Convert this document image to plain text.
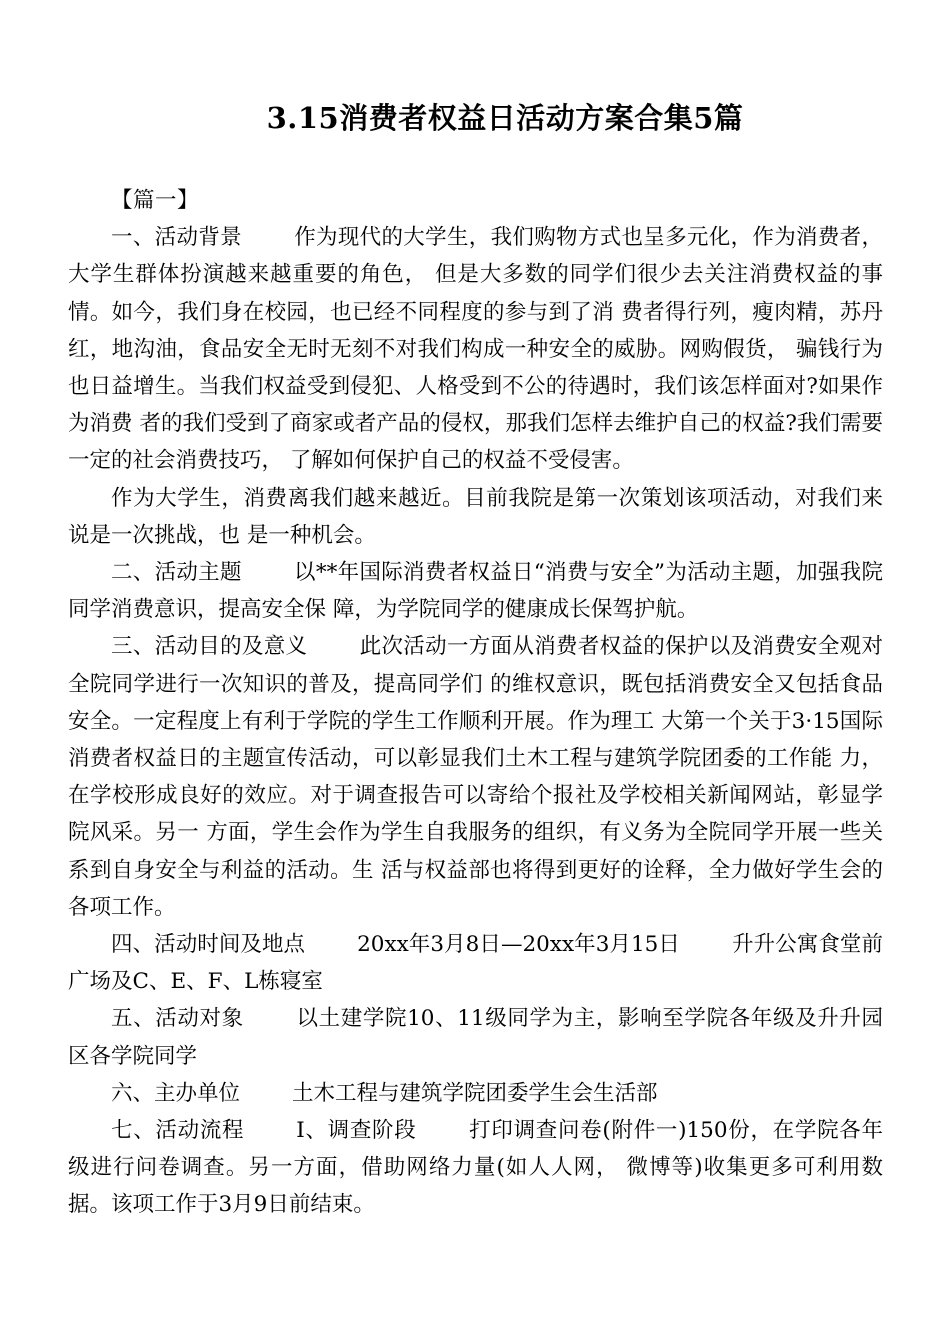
3.15消费者权益日活动方案合集5篇

【篇一】

一、活动背景 作为现代的大学生，我们购物方式也呈多元化，作为消费者，大学生群体扮演越来越重要的角色， 但是大多数的同学们很少去关注消费权益的事情。如今，我们身在校园，也已经不同程度的参与到了消 费者得行列，瘦肉精，苏丹红，地沟油，食品安全无时无刻不对我们构成一种安全的威胁。网购假货， 骗钱行为也日益增生。当我们权益受到侵犯、人格受到不公的待遇时，我们该怎样面对?如果作为消费 者的我们受到了商家或者产品的侵权，那我们怎样去维护自己的权益?我们需要一定的社会消费技巧， 了解如何保护自己的权益不受侵害。

作为大学生，消费离我们越来越近。目前我院是第一次策划该项活动，对我们来说是一次挑战，也 是一种机会。

二、活动主题 以**年国际消费者权益日“消费与安全”为活动主题，加强我院同学消费意识，提高安全保 障，为学院同学的健康成长保驾护航。

三、活动目的及意义 此次活动一方面从消费者权益的保护以及消费安全观对全院同学进行一次知识的普及，提高同学们 的维权意识，既包括消费安全又包括食品安全。一定程度上有利于学院的学生工作顺利开展。作为理工 大第一个关于3·15国际消费者权益日的主题宣传活动，可以彰显我们土木工程与建筑学院团委的工作能 力，在学校形成良好的效应。对于调查报告可以寄给个报社及学校相关新闻网站，彰显学院风采。另一 方面，学生会作为学生自我服务的组织，有义务为全院同学开展一些关系到自身安全与利益的活动。生 活与权益部也将得到更好的诠释，全力做好学生会的各项工作。

四、活动时间及地点 20xx年3月8日—20xx年3月15日 升升公寓食堂前广场及C、E、F、L栋寝室

五、活动对象 以土建学院10、11级同学为主，影响至学院各年级及升升园区各学院同学

六、主办单位 土木工程与建筑学院团委学生会生活部

七、活动流程 I、调查阶段 打印调查问卷(附件一)150份，在学院各年级进行问卷调查。另一方面，借助网络力量(如人人网， 微博等)收集更多可利用数据。该项工作于3月9日前结束。
